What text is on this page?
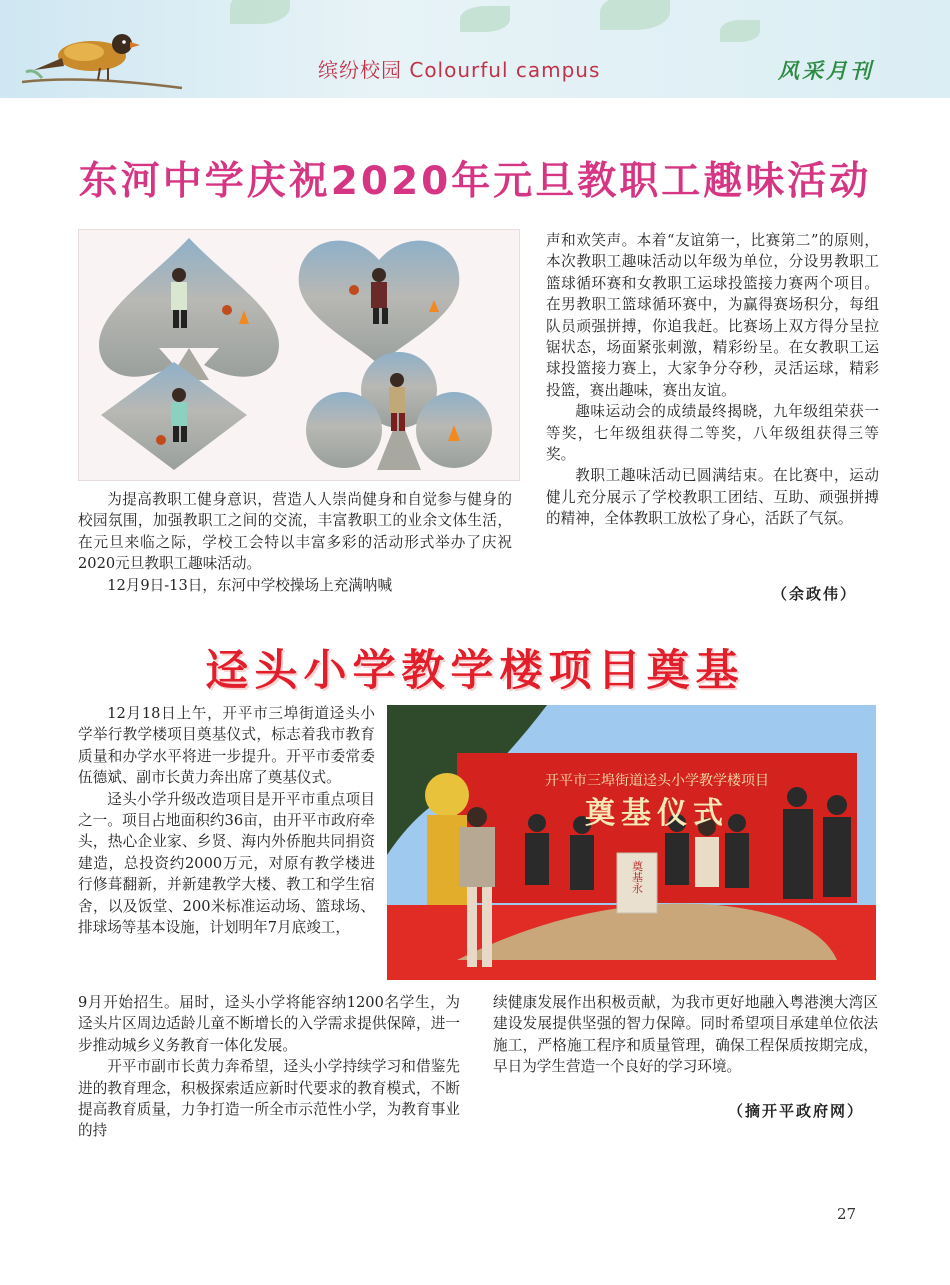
缤纷校园 Colourful campus	风采月刊
东河中学庆祝2020年元旦教职工趣味活动

为提高教职工健身意识，营造人人崇尚健身和自觉参与健身的校园氛围，加强教职工之间的交流，丰富教职工的业余文体生活，在元旦来临之际，学校工会特以丰富多彩的活动形式举办了庆祝2020元旦教职工趣味活动。

12月9日-13日，东河中学校操场上充满呐喊

声和欢笑声。本着“友谊第一，比赛第二”的原则，本次教职工趣味活动以年级为单位，分设男教职工篮球循环赛和女教职工运球投篮接力赛两个项目。在男教职工篮球循环赛中，为赢得赛场积分，每组队员顽强拼搏，你追我赶。比赛场上双方得分呈拉锯状态，场面紧张刺激，精彩纷呈。在女教职工运球投篮接力赛上，大家争分夺秒，灵活运球，精彩投篮，赛出趣味，赛出友谊。

趣味运动会的成绩最终揭晓，九年级组荣获一等奖，七年级组获得二等奖，八年级组获得三等奖。

教职工趣味活动已圆满结束。在比赛中，运动健儿充分展示了学校教职工团结、互助、顽强拼搏的精神，全体教职工放松了身心，活跃了气氛。

（余政伟）
迳头小学教学楼项目奠基
开平市三埠街道迳头小学教学楼项目
奠基仪式
奠基永

12月18日上午，开平市三埠街道迳头小学举行教学楼项目奠基仪式，标志着我市教育质量和办学水平将进一步提升。开平市委常委伍德斌、副市长黄力奔出席了奠基仪式。

迳头小学升级改造项目是开平市重点项目之一。项目占地面积约36亩，由开平市政府牵头，热心企业家、乡贤、海内外侨胞共同捐资建造，总投资约2000万元，对原有教学楼进行修葺翻新，并新建教学大楼、教工和学生宿舍，以及饭堂、200米标准运动场、篮球场、排球场等基本设施，计划明年7月底竣工，

9月开始招生。届时，迳头小学将能容纳1200名学生，为迳头片区周边适龄儿童不断增长的入学需求提供保障，进一步推动城乡义务教育一体化发展。

开平市副市长黄力奔希望，迳头小学持续学习和借鉴先进的教育理念，积极探索适应新时代要求的教育模式，不断提高教育质量，力争打造一所全市示范性小学，为教育事业的持

续健康发展作出积极贡献，为我市更好地融入粤港澳大湾区建设发展提供坚强的智力保障。同时希望项目承建单位依法施工，严格施工程序和质量管理，确保工程保质按期完成，早日为学生营造一个良好的学习环境。

（摘开平政府网）
27
